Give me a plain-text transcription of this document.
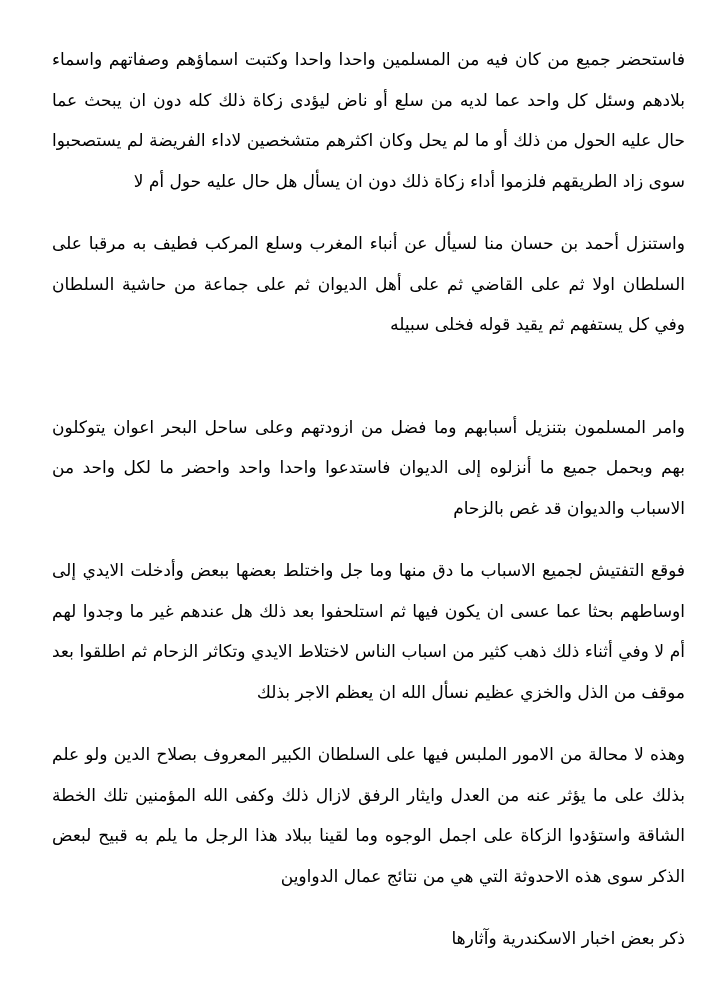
فاستحضر جميع من كان فيه من المسلمين واحدا واحدا وكتبت اسماؤهم وصفاتهم واسماء بلادهم وسئل كل واحد عما لديه من سلع أو ناض ليؤدى زكاة ذلك كله دون ان يبحث عما حال عليه الحول من ذلك أو ما لم يحل وكان اكثرهم متشخصين لاداء الفريضة لم يستصحبوا سوى زاد الطريقهم فلزموا أداء زكاة ذلك دون ان يسأل هل حال عليه حول أم لا

واستنزل أحمد بن حسان منا لسيأل عن أنباء المغرب وسلع المركب فطيف به مرقبا على السلطان اولا ثم على القاضي ثم على أهل الديوان ثم على جماعة من حاشية السلطان وفي كل يستفهم ثم يقيد قوله فخلى سبيله

وامر المسلمون بتنزيل أسبابهم وما فضل من ازودتهم وعلى ساحل البحر اعوان يتوكلون بهم وبحمل جميع ما أنزلوه إلى الديوان فاستدعوا واحدا واحد واحضر ما لكل واحد من الاسباب والديوان قد غص بالزحام

فوقع التفتيش لجميع الاسباب ما دق منها وما جل واختلط بعضها ببعض وأدخلت الايدي إلى اوساطهم بحثا عما عسى ان يكون فيها ثم استلحفوا بعد ذلك هل عندهم غير ما وجدوا لهم أم لا وفي أثناء ذلك ذهب كثير من اسباب الناس لاختلاط الايدي وتكاثر الزحام ثم اطلقوا بعد موقف من الذل والخزي عظيم نسأل الله ان يعظم الاجر بذلك

وهذه لا محالة من الامور الملبس فيها على السلطان الكبير المعروف بصلاح الدين ولو علم بذلك على ما يؤثر عنه من العدل وايثار الرفق لازال ذلك وكفى الله المؤمنين تلك الخطة الشاقة واستؤدوا الزكاة على اجمل الوجوه وما لقينا ببلاد هذا الرجل ما يلم به قبيح لبعض الذكر سوى هذه الاحدوثة التي هي من نتائج عمال الدواوين

ذكر بعض اخبار الاسكندرية وآثارها
